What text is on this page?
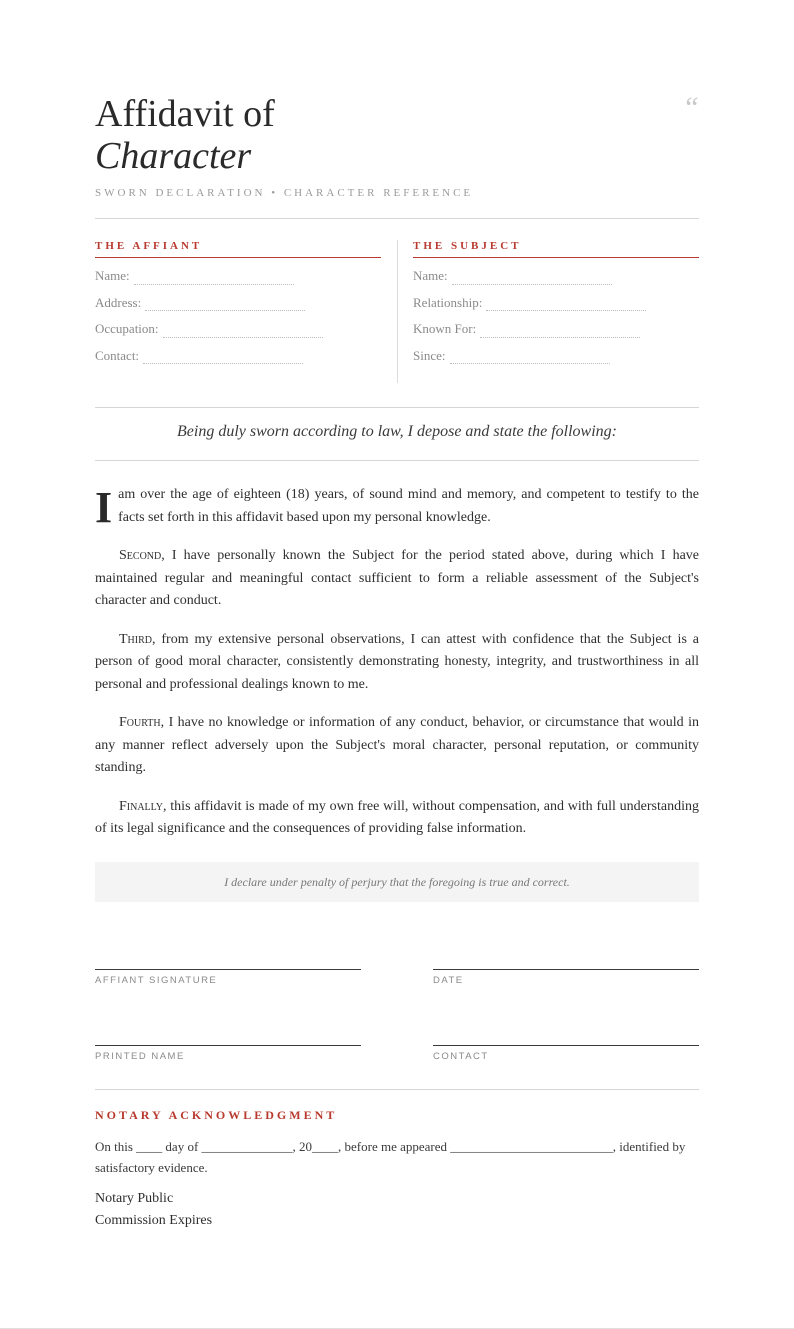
Affidavit of
Character
“
SWORN DECLARATION • CHARACTER REFERENCE
THE AFFIANT
Name:
Address:
Occupation:
Contact:
THE SUBJECT
Name:
Relationship:
Known For:
Since:
Being duly sworn according to law, I depose and state the following:

Iam over the age of eighteen (18) years, of sound mind and memory, and competent to testify to the facts set forth in this affidavit based upon my personal knowledge.

Second, I have personally known the Subject for the period stated above, during which I have maintained regular and meaningful contact sufficient to form a reliable assessment of the Subject's character and conduct.

Third, from my extensive personal observations, I can attest with confidence that the Subject is a person of good moral character, consistently demonstrating honesty, integrity, and trustworthiness in all personal and professional dealings known to me.

Fourth, I have no knowledge or information of any conduct, behavior, or circumstance that would in any manner reflect adversely upon the Subject's moral character, personal reputation, or community standing.

Finally, this affidavit is made of my own free will, without compensation, and with full understanding of its legal significance and the consequences of providing false information.

I declare under penalty of perjury that the foregoing is true and correct.
AFFIANT SIGNATURE	DATE
PRINTED NAME	CONTACT
NOTARY ACKNOWLEDGMENT
On this ____ day of ______________, 20____, before me appeared _________________________, identified by satisfactory evidence.
Notary Public
Commission Expires
